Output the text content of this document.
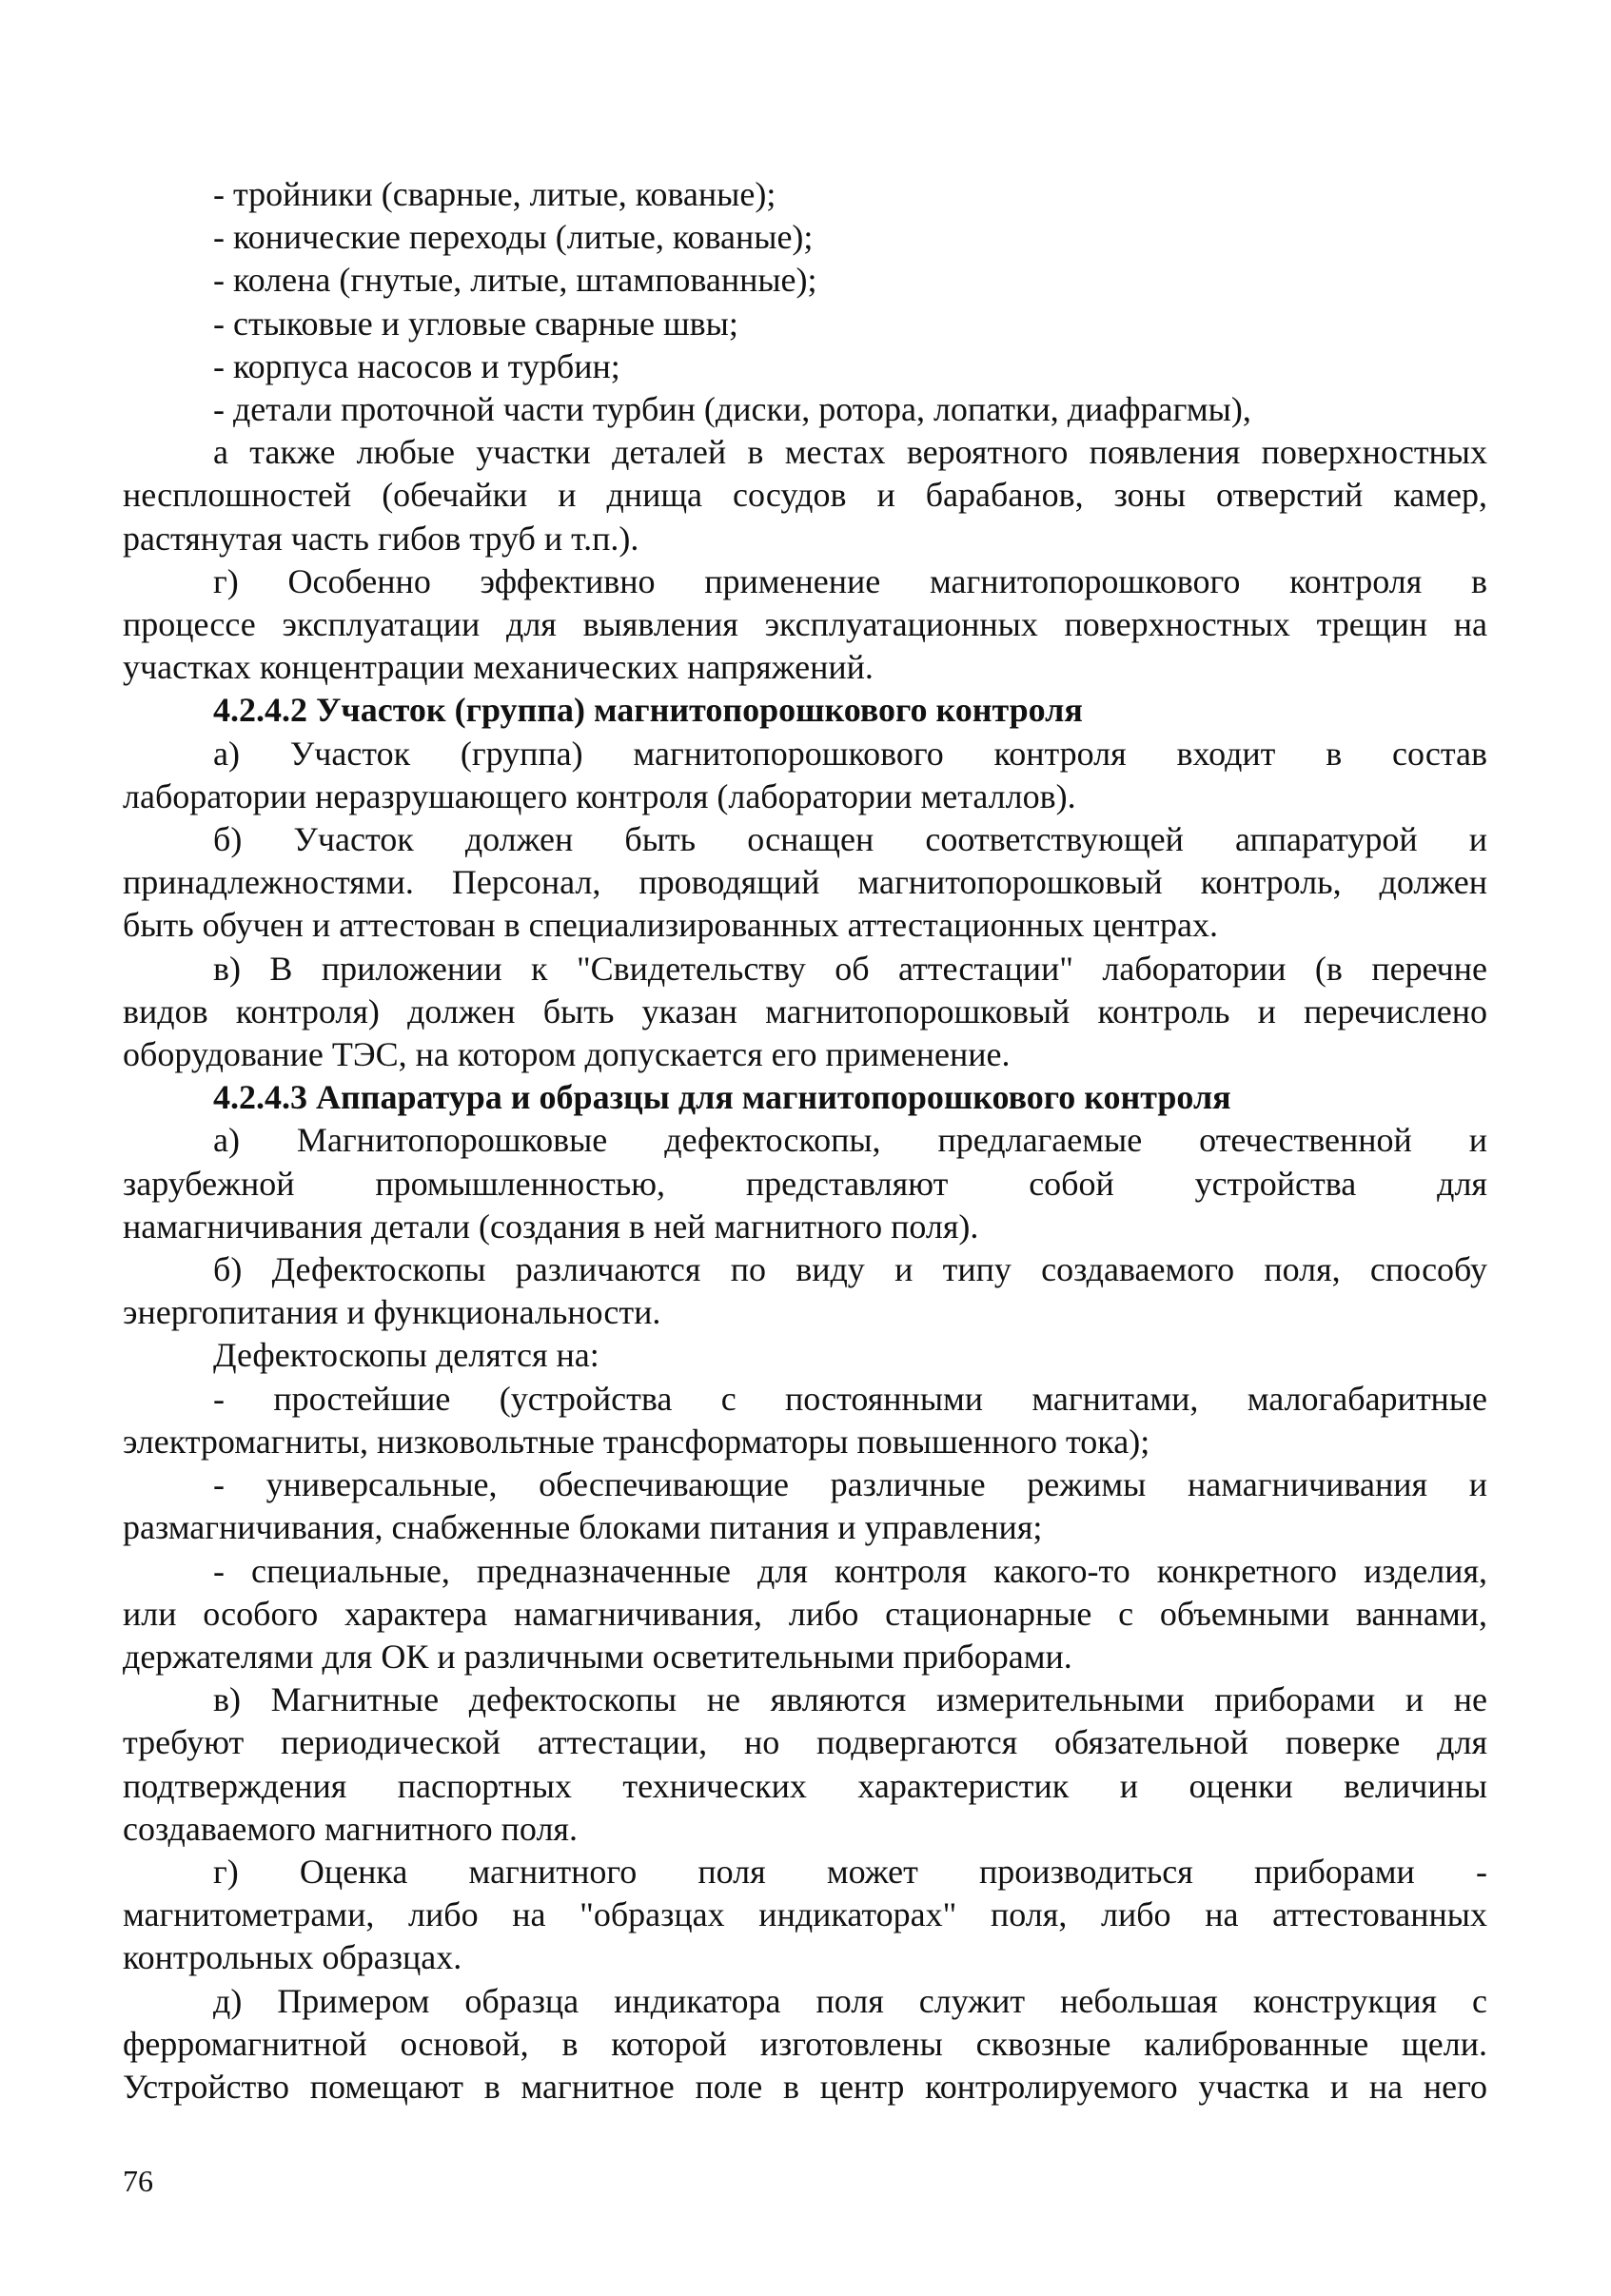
- тройники (сварные, литые, кованые);
- конические переходы (литые, кованые);
- колена (гнутые, литые, штампованные);
- стыковые и угловые сварные швы;
- корпуса насосов и турбин;
- детали проточной части турбин (диски, ротора, лопатки, диафрагмы),
а также любые участки деталей в местах вероятного появления поверхностных
несплошностей (обечайки и днища сосудов и барабанов, зоны отверстий камер,
растянутая часть гибов труб и т.п.).
г) Особенно эффективно применение магнитопорошкового контроля в
процессе эксплуатации для выявления эксплуатационных поверхностных трещин на
участках концентрации механических напряжений.
4.2.4.2 Участок (группа) магнитопорошкового контроля
а) Участок (группа) магнитопорошкового контроля входит в состав
лаборатории неразрушающего контроля (лаборатории металлов).
б) Участок должен быть оснащен соответствующей аппаратурой и
принадлежностями. Персонал, проводящий магнитопорошковый контроль, должен
быть обучен и аттестован в специализированных аттестационных центрах.
в) В приложении к "Свидетельству об аттестации" лаборатории (в перечне
видов контроля) должен быть указан магнитопорошковый контроль и перечислено
оборудование ТЭС, на котором допускается его применение.
4.2.4.3 Аппаратура и образцы для магнитопорошкового контроля
а) Магнитопорошковые дефектоскопы, предлагаемые отечественной и
зарубежной промышленностью, представляют собой устройства для
намагничивания детали (создания в ней магнитного поля).
б) Дефектоскопы различаются по виду и типу создаваемого поля, способу
энергопитания и функциональности.
Дефектоскопы делятся на:
- простейшие (устройства с постоянными магнитами, малогабаритные
электромагниты, низковольтные трансформаторы повышенного тока);
- универсальные, обеспечивающие различные режимы намагничивания и
размагничивания, снабженные блоками питания и управления;
- специальные, предназначенные для контроля какого-то конкретного изделия,
или особого характера намагничивания, либо стационарные с объемными ваннами,
держателями для ОК и различными осветительными приборами.
в) Магнитные дефектоскопы не являются измерительными приборами и не
требуют периодической аттестации, но подвергаются обязательной поверке для
подтверждения паспортных технических характеристик и оценки величины
создаваемого магнитного поля.
г) Оценка магнитного поля может производиться приборами -
магнитометрами, либо на "образцах индикаторах" поля, либо на аттестованных
контрольных образцах.
д) Примером образца индикатора поля служит небольшая конструкция с
ферромагнитной основой, в которой изготовлены сквозные калиброванные щели.
Устройство помещают в магнитное поле в центр контролируемого участка и на него
76
